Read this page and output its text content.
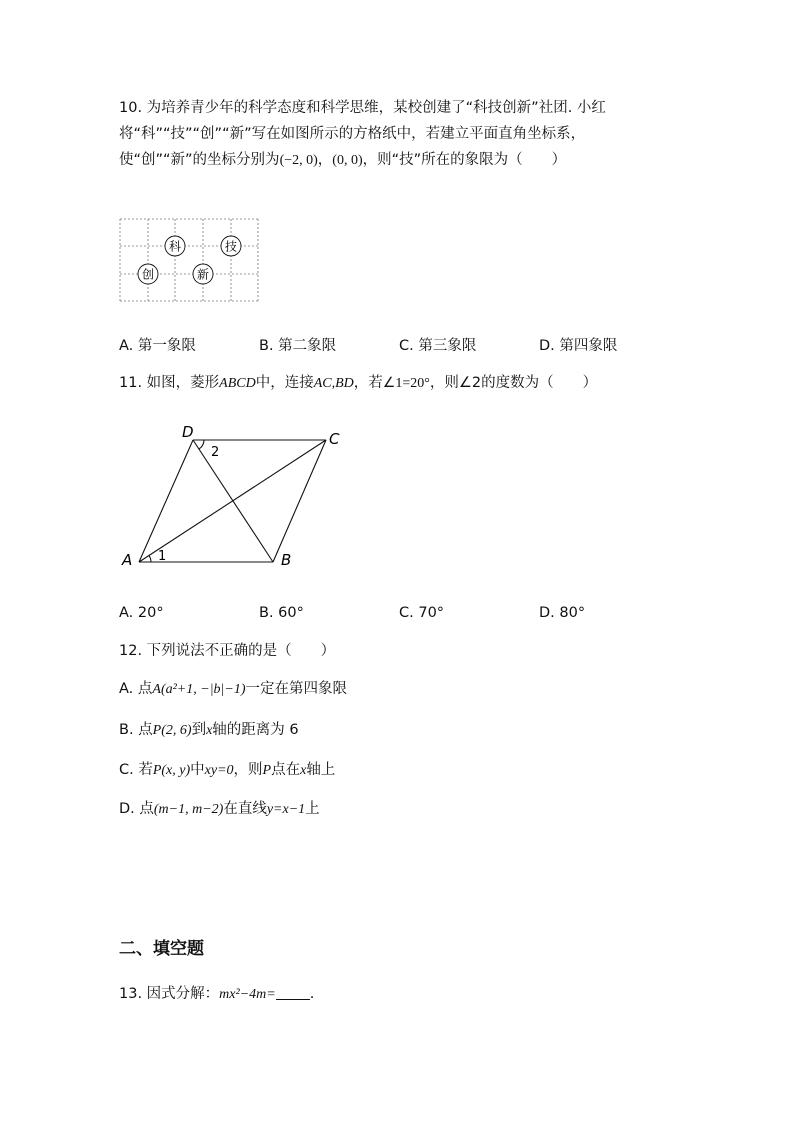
10. 为培养青少年的科学态度和科学思维，某校创建了“科技创新”社团. 小红
将“科”“技”“创”“新”写在如图所示的方格纸中，若建立平面直角坐标系，
使“创”“新”的坐标分别为(−2, 0)，(0, 0)，则“技”所在的象限为（　　）
科	技
创	新
A. 第一象限	B. 第二象限	C. 第三象限	D. 第四象限
11. 如图，菱形ABCD中，连接AC,BD，若∠1=20°，则∠2的度数为（　　）
A	B
C
D
1
2
A. 20°	B. 60°	C. 70°	D. 80°
12. 下列说法不正确的是（　　）
A. 点A(a²+1, −|b|−1)一定在第四象限
B. 点P(2, 6)到x轴的距离为 6
C. 若P(x, y)中xy=0，则P点在x轴上
D. 点(m−1, m−2)在直线y=x−1上
二、填空题
13. 因式分解：mx²−4m= .
